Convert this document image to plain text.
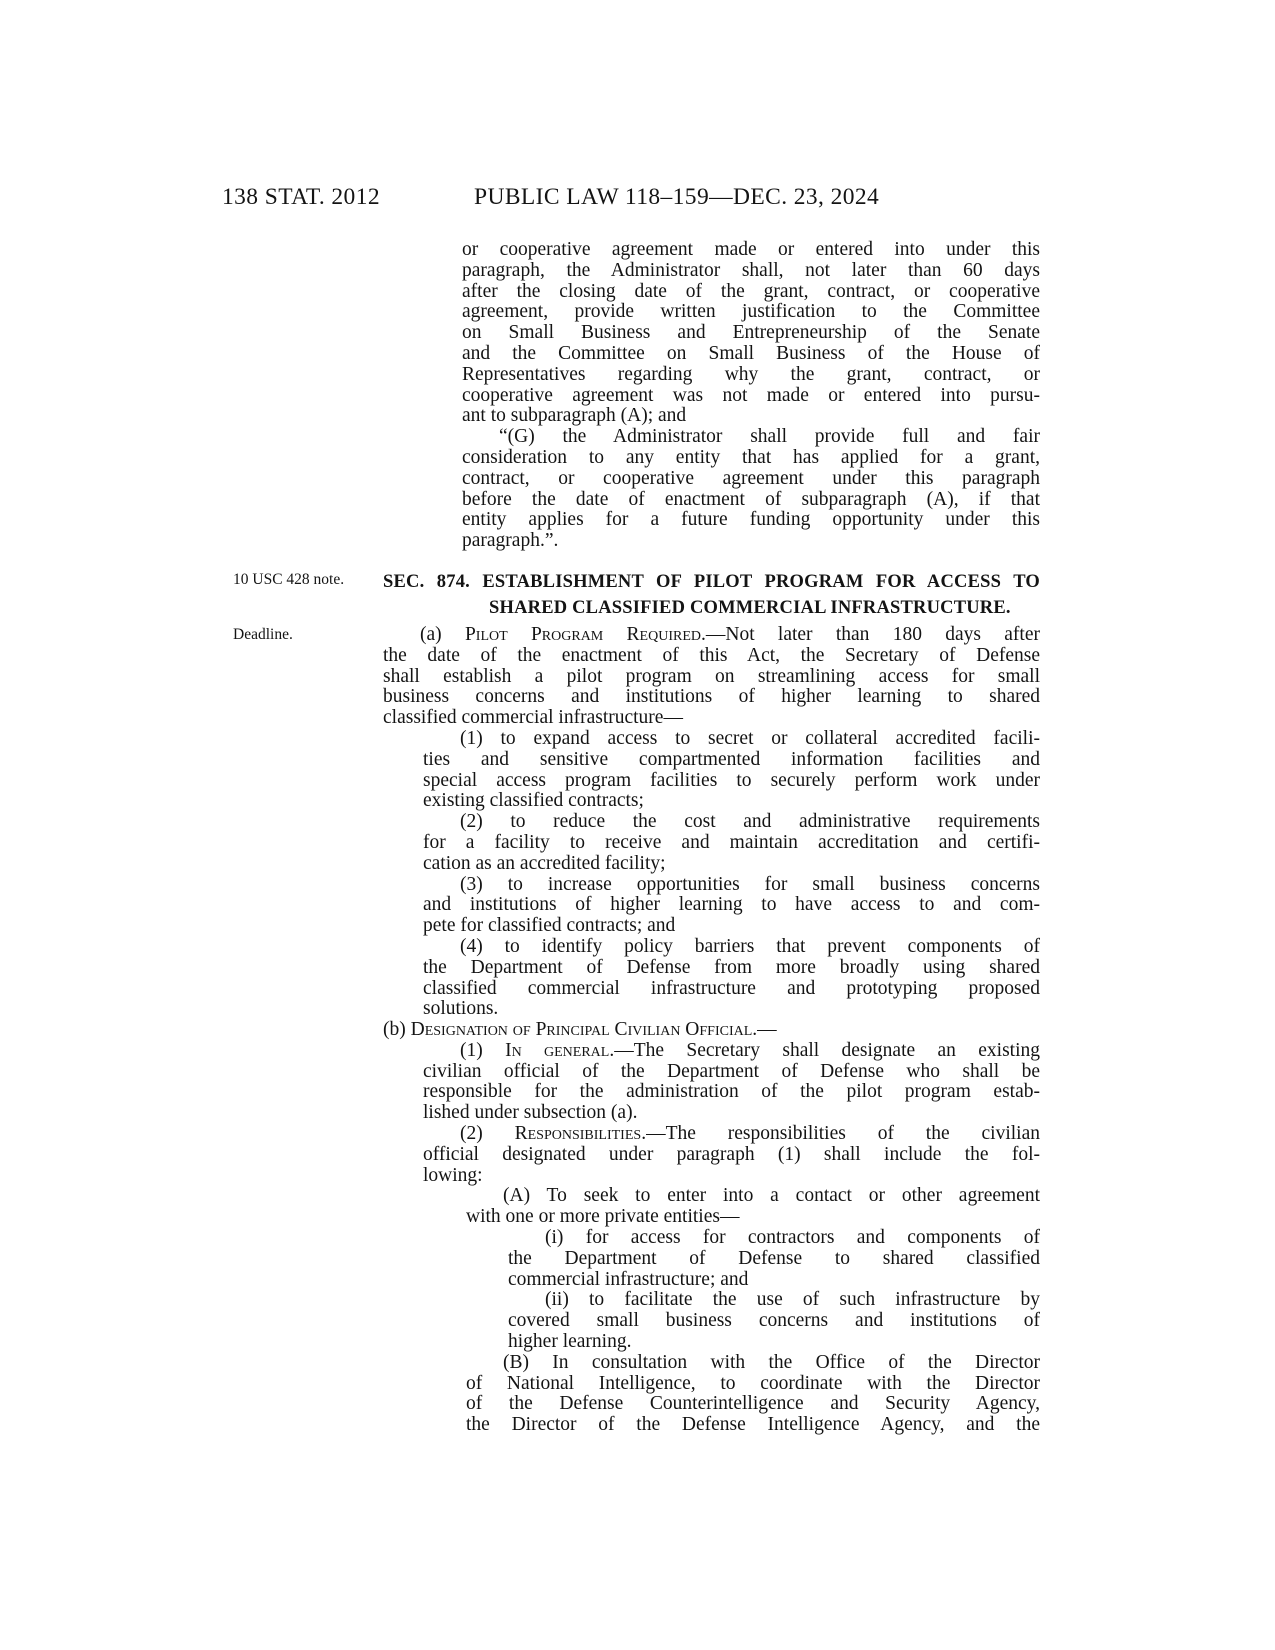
138 STAT. 2012	PUBLIC LAW 118–159—DEC. 23, 2024
10 USC 428 note.
Deadline.
or cooperative agreement made or entered into under this
paragraph, the Administrator shall, not later than 60 days
after the closing date of the grant, contract, or cooperative
agreement, provide written justification to the Committee
on Small Business and Entrepreneurship of the Senate
and the Committee on Small Business of the House of
Representatives regarding why the grant, contract, or
cooperative agreement was not made or entered into pursu-
ant to subparagraph (A); and
“(G) the Administrator shall provide full and fair
consideration to any entity that has applied for a grant,
contract, or cooperative agreement under this paragraph
before the date of enactment of subparagraph (A), if that
entity applies for a future funding opportunity under this
paragraph.”.
SEC. 874. ESTABLISHMENT OF PILOT PROGRAM FOR ACCESS TO
SHARED CLASSIFIED COMMERCIAL INFRASTRUCTURE.
(a) Pilot Program Required.—Not later than 180 days after
the date of the enactment of this Act, the Secretary of Defense
shall establish a pilot program on streamlining access for small
business concerns and institutions of higher learning to shared
classified commercial infrastructure—
(1) to expand access to secret or collateral accredited facili-
ties and sensitive compartmented information facilities and
special access program facilities to securely perform work under
existing classified contracts;
(2) to reduce the cost and administrative requirements
for a facility to receive and maintain accreditation and certifi-
cation as an accredited facility;
(3) to increase opportunities for small business concerns
and institutions of higher learning to have access to and com-
pete for classified contracts; and
(4) to identify policy barriers that prevent components of
the Department of Defense from more broadly using shared
classified commercial infrastructure and prototyping proposed
solutions.
(b) Designation of Principal Civilian Official.—
(1) In general.—The Secretary shall designate an existing
civilian official of the Department of Defense who shall be
responsible for the administration of the pilot program estab-
lished under subsection (a).
(2) Responsibilities.—The responsibilities of the civilian
official designated under paragraph (1) shall include the fol-
lowing:
(A) To seek to enter into a contact or other agreement
with one or more private entities—
(i) for access for contractors and components of
the Department of Defense to shared classified
commercial infrastructure; and
(ii) to facilitate the use of such infrastructure by
covered small business concerns and institutions of
higher learning.
(B) In consultation with the Office of the Director
of National Intelligence, to coordinate with the Director
of the Defense Counterintelligence and Security Agency,
the Director of the Defense Intelligence Agency, and the
